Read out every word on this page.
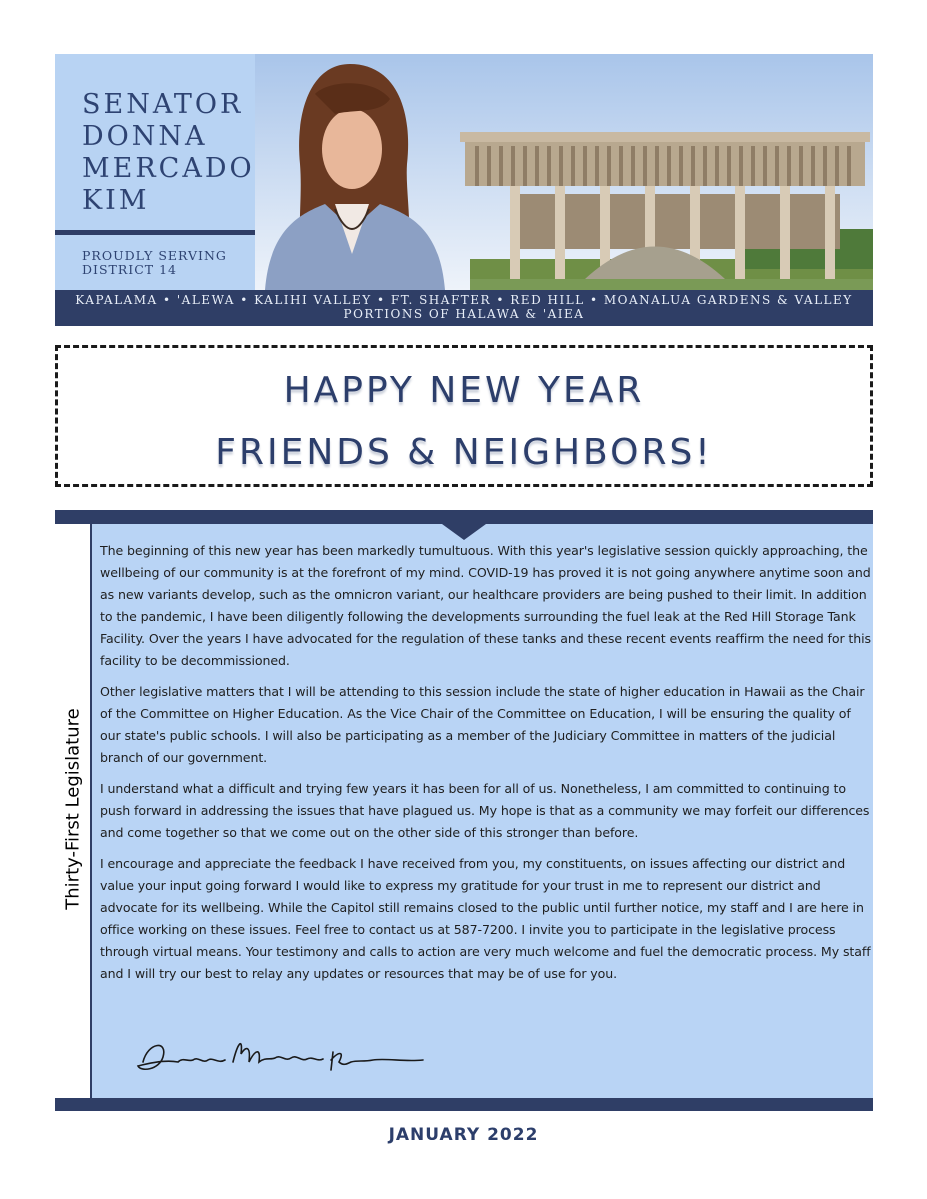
SENATOR
DONNA
MERCADO
KIM
PROUDLY SERVING
DISTRICT 14
KAPALAMA • 'ALEWA • KALIHI VALLEY • FT. SHAFTER • RED HILL • MOANALUA GARDENS & VALLEY
PORTIONS OF HALAWA & 'AIEA
HAPPY NEW YEAR
FRIENDS & NEIGHBORS!
Thirty-First Legislature

The beginning of this new year has been markedly tumultuous. With this year's legislative session quickly approaching, the wellbeing of our community is at the forefront of my mind. COVID-19 has proved it is not going anywhere anytime soon and as new variants develop, such as the omnicron variant, our healthcare providers are being pushed to their limit. In addition to the pandemic, I have been diligently following the developments surrounding the fuel leak at the Red Hill Storage Tank Facility. Over the years I have advocated for the regulation of these tanks and these recent events reaffirm the need for this facility to be decommissioned.

Other legislative matters that I will be attending to this session include the state of higher education in Hawaii as the Chair of the Committee on Higher Education. As the Vice Chair of the Committee on Education, I will be ensuring the quality of our state's public schools. I will also be participating as a member of the Judiciary Committee in matters of the judicial branch of our government.

I understand what a difficult and trying few years it has been for all of us. Nonetheless, I am committed to continuing to push forward in addressing the issues that have plagued us. My hope is that as a community we may forfeit our differences and come together so that we come out on the other side of this stronger than before.

I encourage and appreciate the feedback I have received from you, my constituents, on issues affecting our district and value your input going forward I would like to express my gratitude for your trust in me to represent our district and advocate for its wellbeing. While the Capitol still remains closed to the public until further notice, my staff and I are here in office working on these issues. Feel free to contact us at 587-7200. I invite you to participate in the legislative process through virtual means. Your testimony and calls to action are very much welcome and fuel the democratic process. My staff and I will try our best to relay any updates or resources that may be of use for you.

JANUARY 2022
